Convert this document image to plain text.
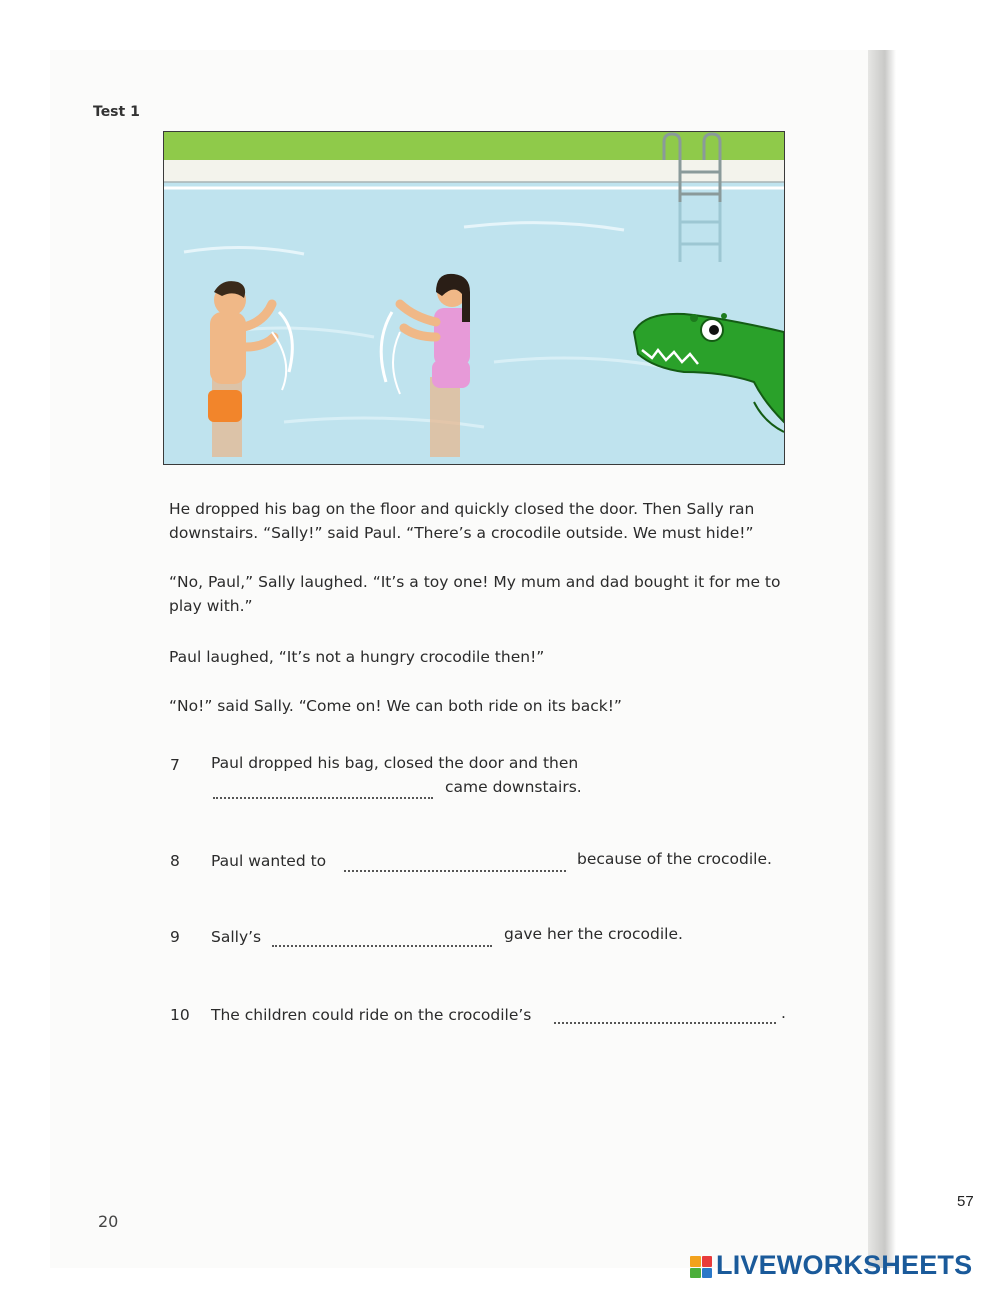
Test 1

He dropped his bag on the floor and quickly closed the door. Then Sally ran downstairs. “Sally!” said Paul. “There’s a crocodile outside. We must hide!”

“No, Paul,” Sally laughed. “It’s a toy one! My mum and dad bought it for me to play with.”

Paul laughed, “It’s not a hungry crocodile then!”

“No!” said Sally. “Come on! We can both ride on its back!”

7 Paul dropped his bag, closed the door and then
came downstairs.
8 Paul wanted to	because of the crocodile.
9 Sally’s	gave her the crocodile.
10 The children could ride on the crocodile’s	.
20
57
LIVEWORKSHEETS
